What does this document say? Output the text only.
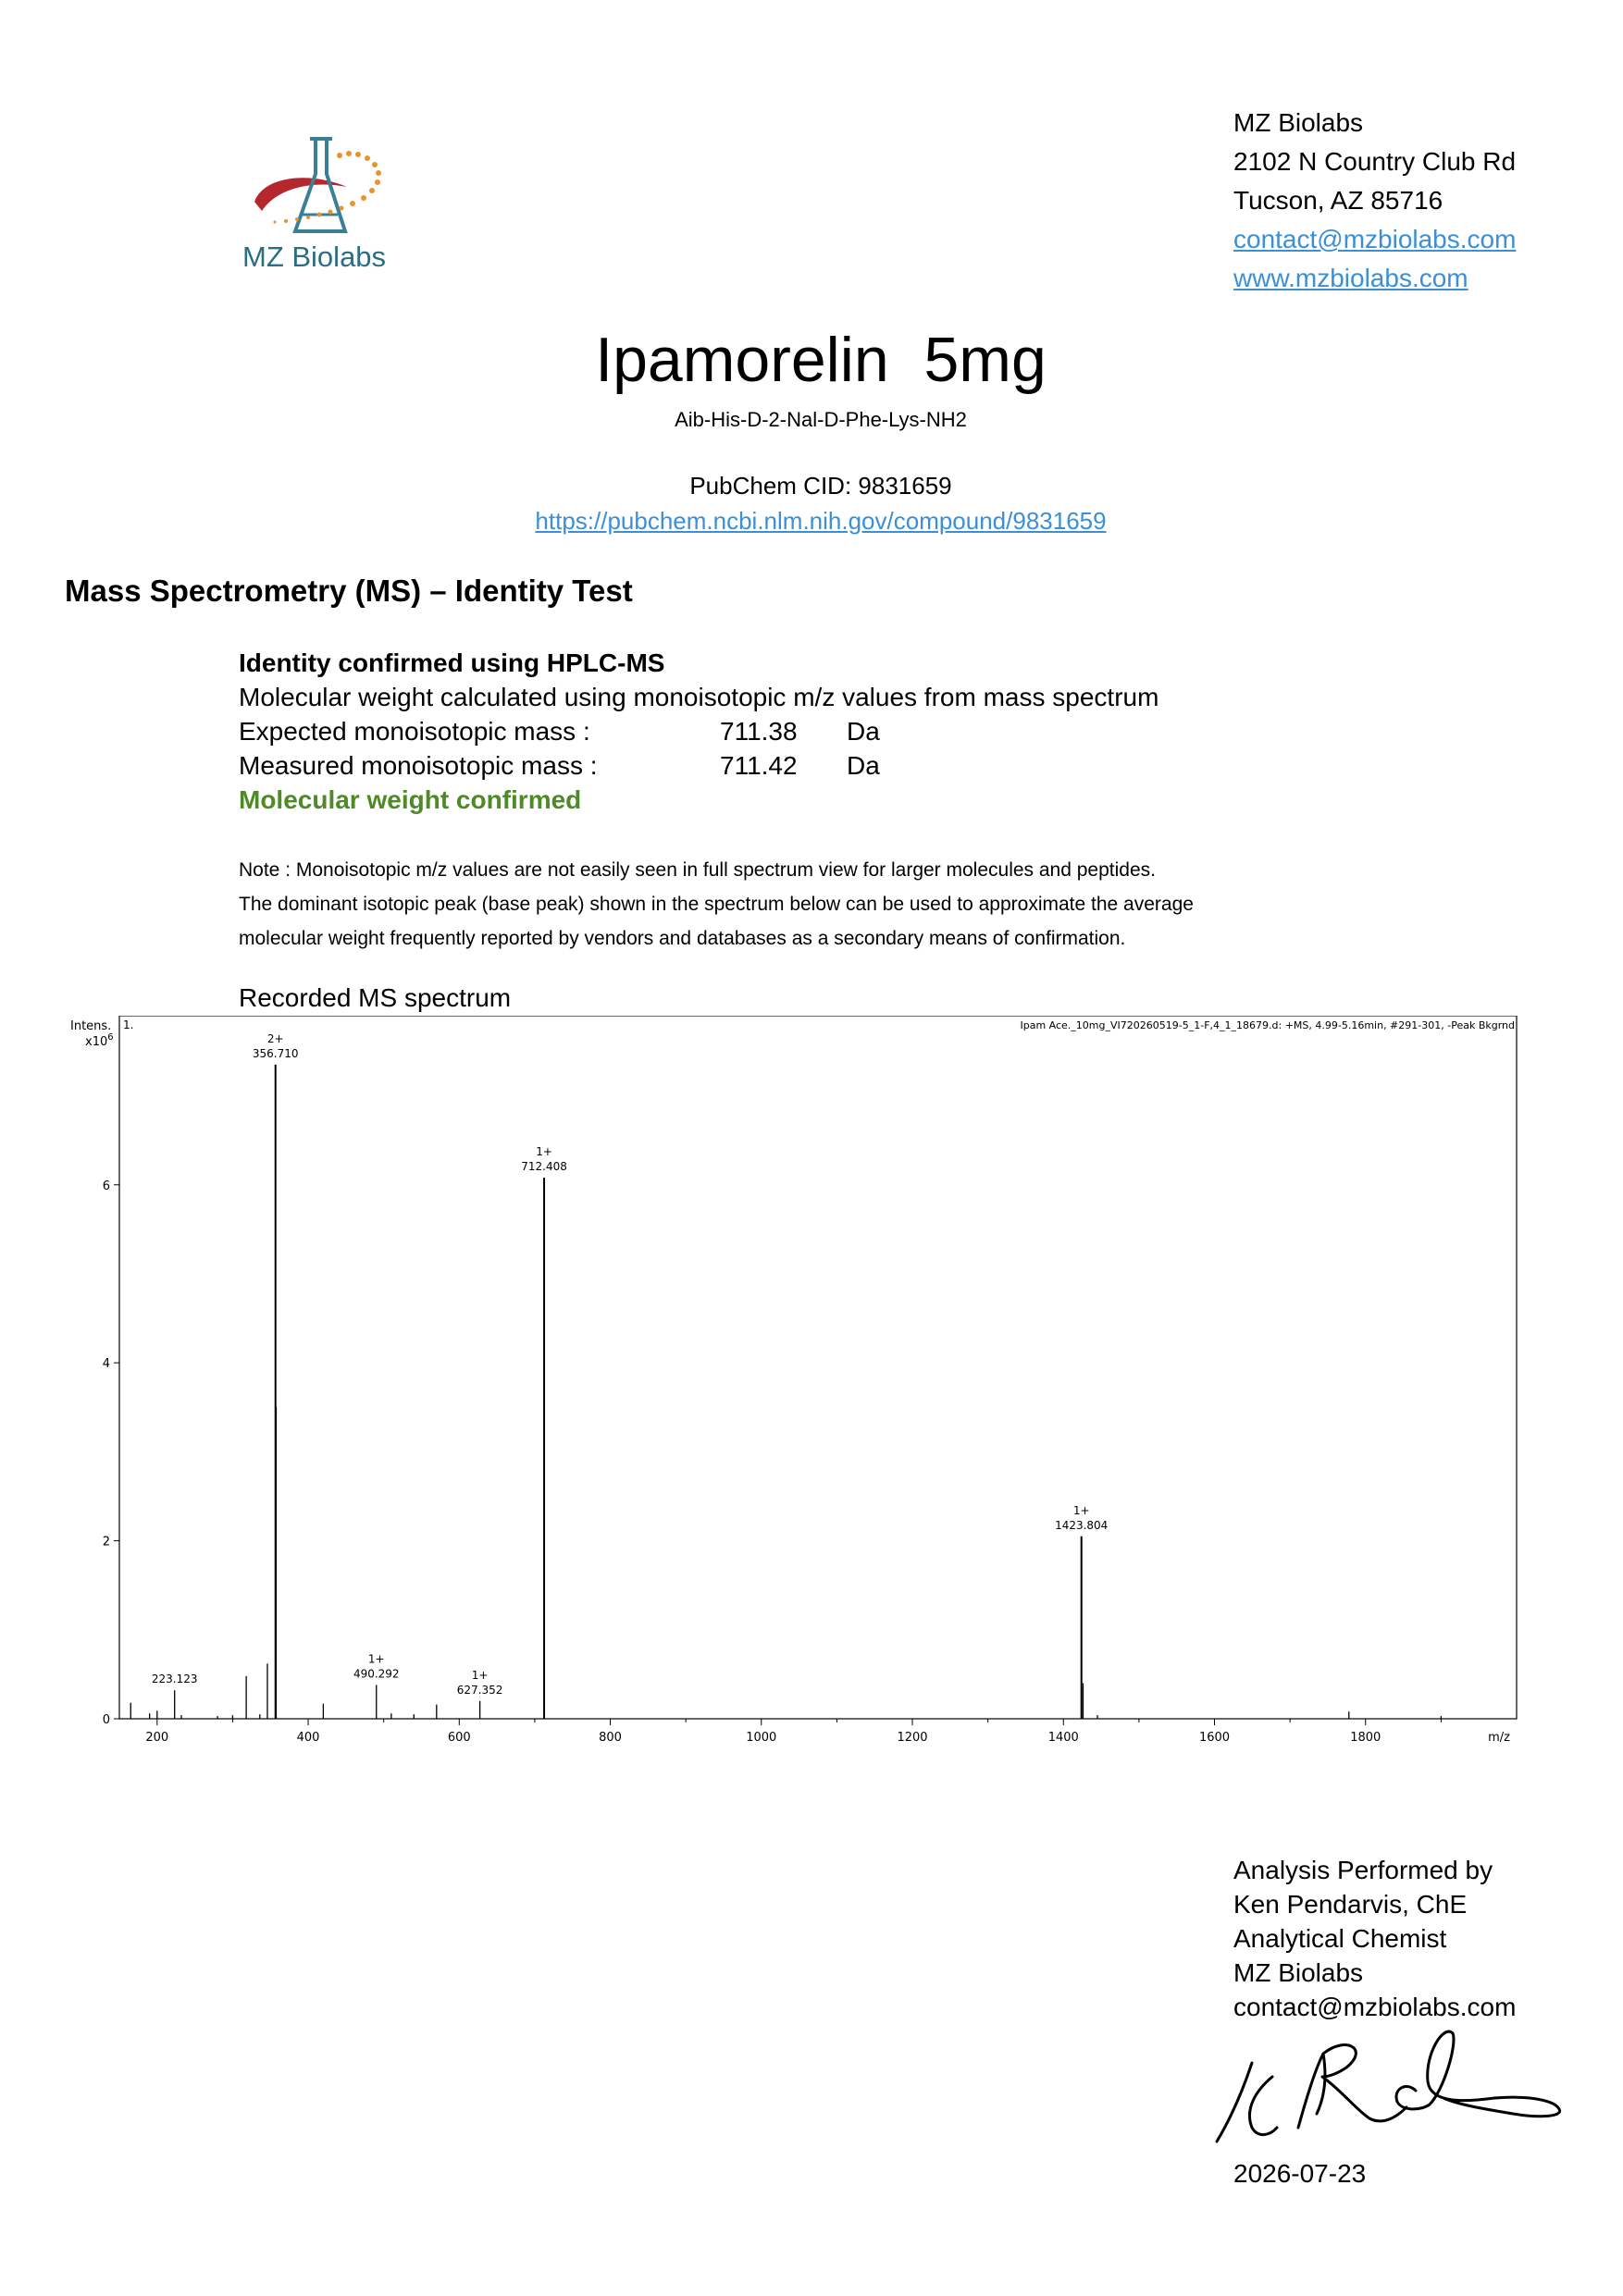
MZ Biolabs
MZ Biolabs
2102 N Country Club Rd
Tucson, AZ 85716
contact@mzbiolabs.com
www.mzbiolabs.com
Ipamorelin  5mg
Aib-His-D-2-Nal-D-Phe-Lys-NH2
PubChem CID: 9831659
https://pubchem.ncbi.nlm.nih.gov/compound/9831659
Mass Spectrometry (MS) – Identity Test
Identity confirmed using HPLC-MS
Molecular weight calculated using monoisotopic m/z values from mass spectrum
Expected monoisotopic mass :	711.38	Da
Measured monoisotopic mass :	711.42	Da
Molecular weight confirmed
Note : Monoisotopic m/z values are not easily seen in full spectrum view for larger molecules and peptides.
The dominant isotopic peak (base peak) shown in the spectrum below can be used to approximate the average
molecular weight frequently reported by vendors and databases as a secondary means of confirmation.
Recorded MS spectrum
Intens.
$x10^6$
1.	Ipam Ace._10mg_VI720260519-5_1-F,4_1_18679.d: +MS, 4.99-5.16min, #291-301, -Peak Bkgrnd
0
2
4
6
200	400	600	800	1000	1200	1400	1600	1800
223.123
356.710
2+
490.292
1+
627.352
1+
712.408
1+
1423.804
1+
m/z
Analysis Performed by
Ken Pendarvis, ChE
Analytical Chemist
MZ Biolabs
contact@mzbiolabs.com
2026-07-23
